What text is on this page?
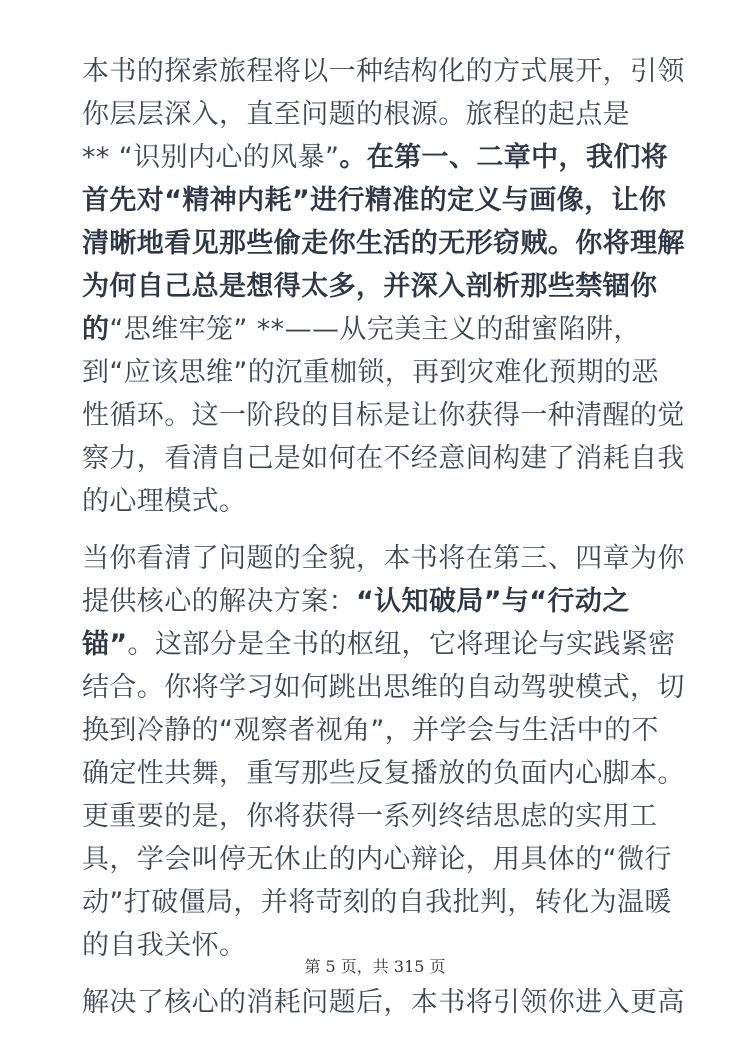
本书的探索旅程将以一种结构化的方式展开，引领
你层层深入，直至问题的根源。旅程的起点是
** “识别内心的风暴”。在第一、二章中，我们将
首先对“精神内耗”进行精准的定义与画像，让你
清晰地看见那些偷走你生活的无形窃贼。你将理解
为何自己总是想得太多，并深入剖析那些禁锢你
的“思维牢笼” **——从完美主义的甜蜜陷阱，
到“应该思维”的沉重枷锁，再到灾难化预期的恶
性循环。这一阶段的目标是让你获得一种清醒的觉
察力，看清自己是如何在不经意间构建了消耗自我
的心理模式。

当你看清了问题的全貌，本书将在第三、四章为你
提供核心的解决方案：“认知破局”与“行动之
锚”。这部分是全书的枢纽，它将理论与实践紧密
结合。你将学习如何跳出思维的自动驾驶模式，切
换到冷静的“观察者视角”，并学会与生活中的不
确定性共舞，重写那些反复播放的负面内心脚本。
更重要的是，你将获得一系列终结思虑的实用工
具，学会叫停无休止的内心辩论，用具体的“微行
动”打破僵局，并将苛刻的自我批判，转化为温暖
的自我关怀。

解决了核心的消耗问题后，本书将引领你进入更高

第 5 页，共 315 页
